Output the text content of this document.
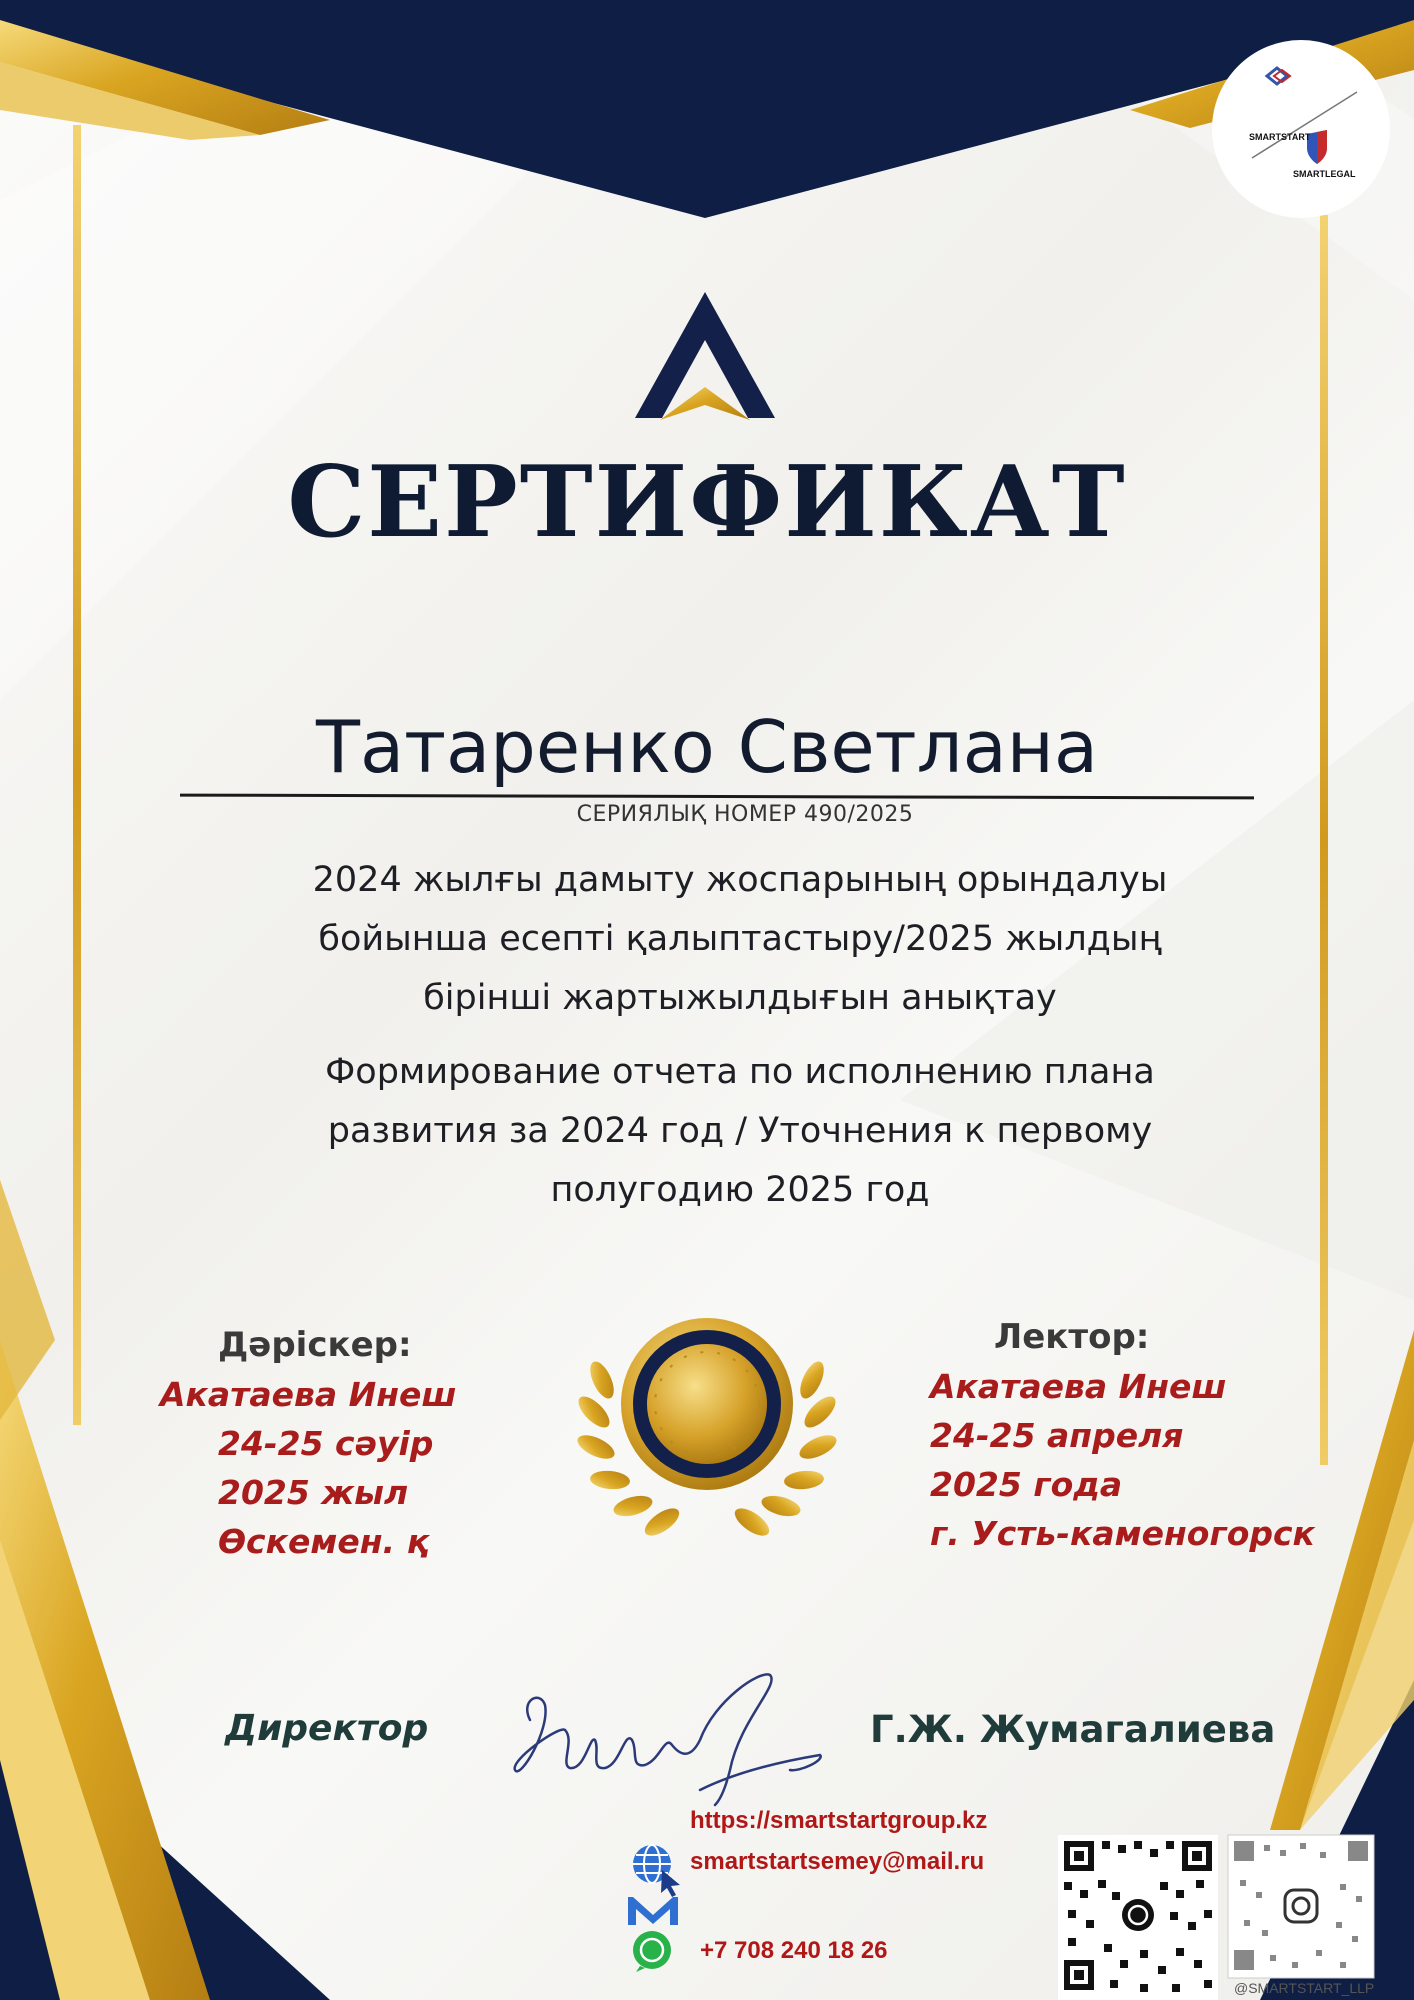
SMARTSTART
SMARTLEGAL
СЕРТИФИКАТ
Татаренко Светлана
СЕРИЯЛЫҚ НОМЕР 490/2025
2024 жылғы дамыту жоспарының орындалуы бойынша есепті қалыптастыру/2025 жылдың бірінші жартыжылдығын анықтау
Формирование отчета по исполнению плана развития за 2024 год / Уточнения к первому полугодию 2025 год
Дәріскер:
Акатаева Инеш
24-25 сәуір
2025 жыл
Өскемен. қ
Лектор:
Акатаева Инеш
24-25 апреля
2025 года
г. Усть-каменогорск
Директор	Г.Ж. Жумагалиева
https://smartstartgroup.kz
smartstartsemey@mail.ru
+7 708 240 18 26
@SMARTSTART_LLP
